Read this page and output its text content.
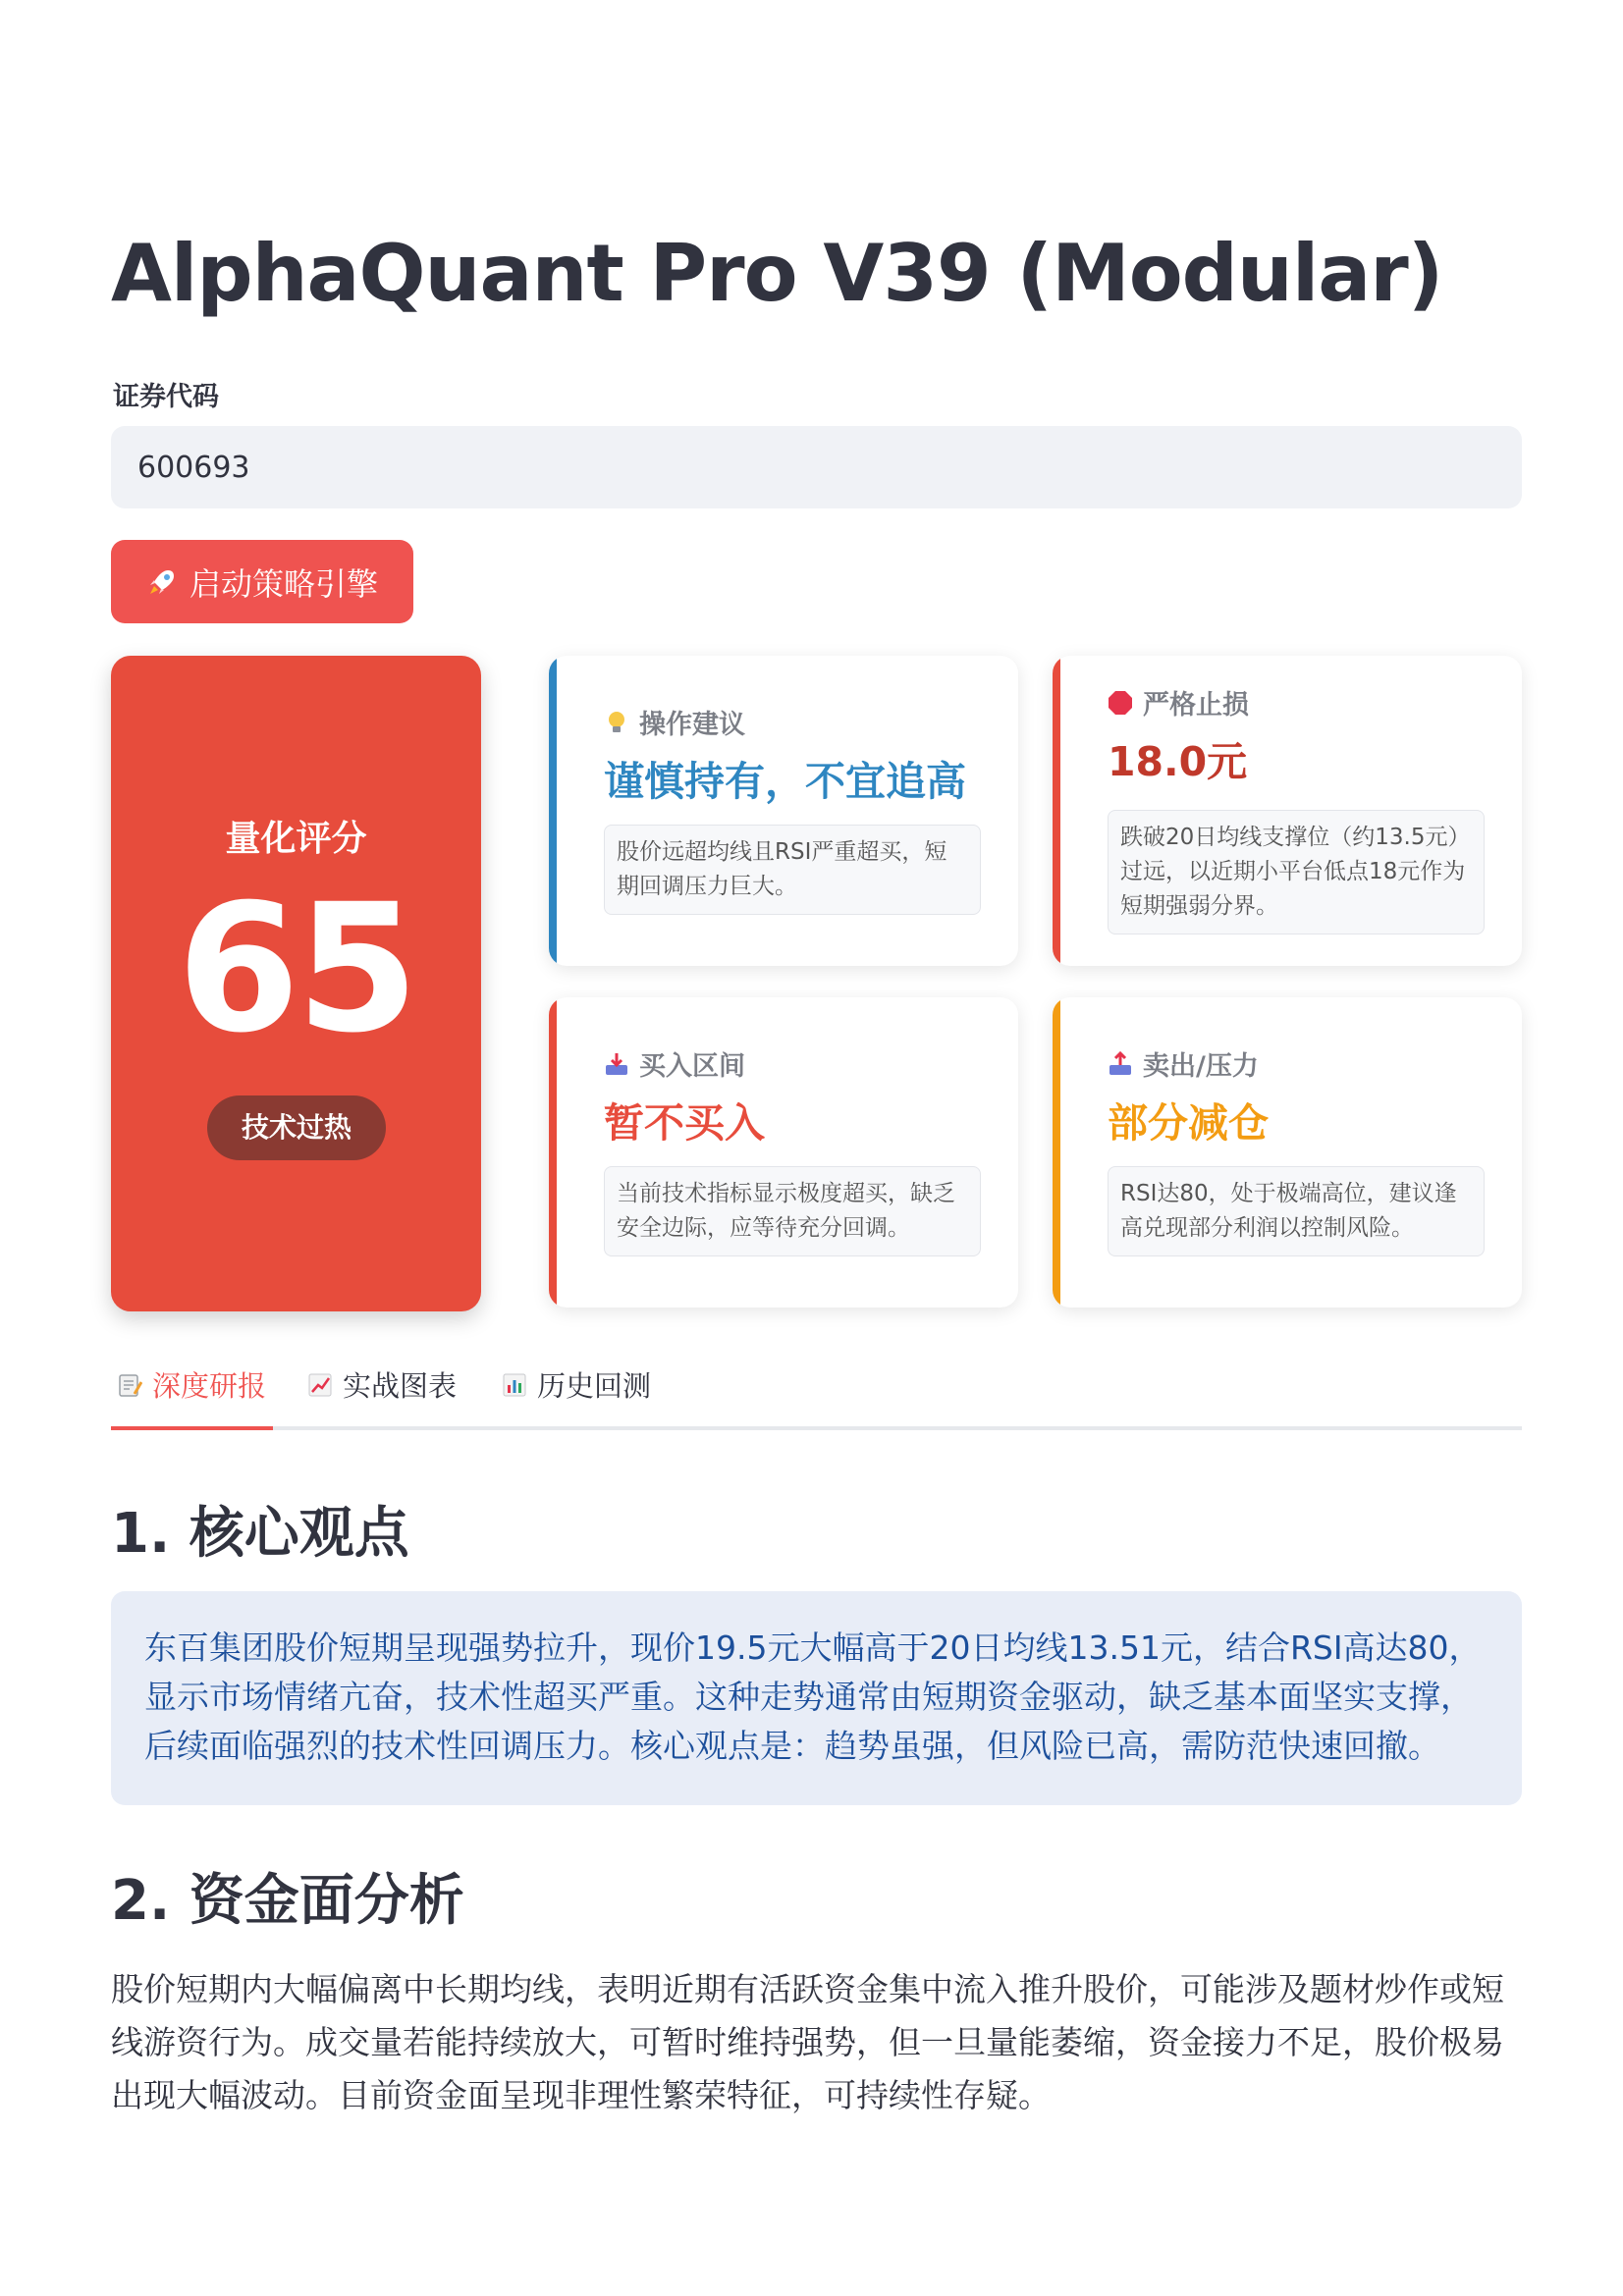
AlphaQuant Pro V39 (Modular)
证券代码
600693
启动策略引擎
量化评分
65
技术过热
操作建议
谨慎持有，不宜追高
股价远超均线且RSI严重超买，短期回调压力巨大。
严格止损
18.0元
跌破20日均线支撑位（约13.5元）过远，以近期小平台低点18元作为短期强弱分界。
买入区间
暂不买入
当前技术指标显示极度超买，缺乏安全边际，应等待充分回调。
卖出/压力
部分减仓
RSI达80，处于极端高位，建议逢高兑现部分利润以控制风险。
深度研报	实战图表	历史回测
1. 核心观点
东百集团股价短期呈现强势拉升，现价19.5元大幅高于20日均线13.51元，结合RSI高达80，显示市场情绪亢奋，技术性超买严重。这种走势通常由短期资金驱动，缺乏基本面坚实支撑，后续面临强烈的技术性回调压力。核心观点是：趋势虽强，但风险已高，需防范快速回撤。
2. 资金面分析
股价短期内大幅偏离中长期均线，表明近期有活跃资金集中流入推升股价，可能涉及题材炒作或短线游资行为。成交量若能持续放大，可暂时维持强势，但一旦量能萎缩，资金接力不足，股价极易出现大幅波动。目前资金面呈现非理性繁荣特征，可持续性存疑。
